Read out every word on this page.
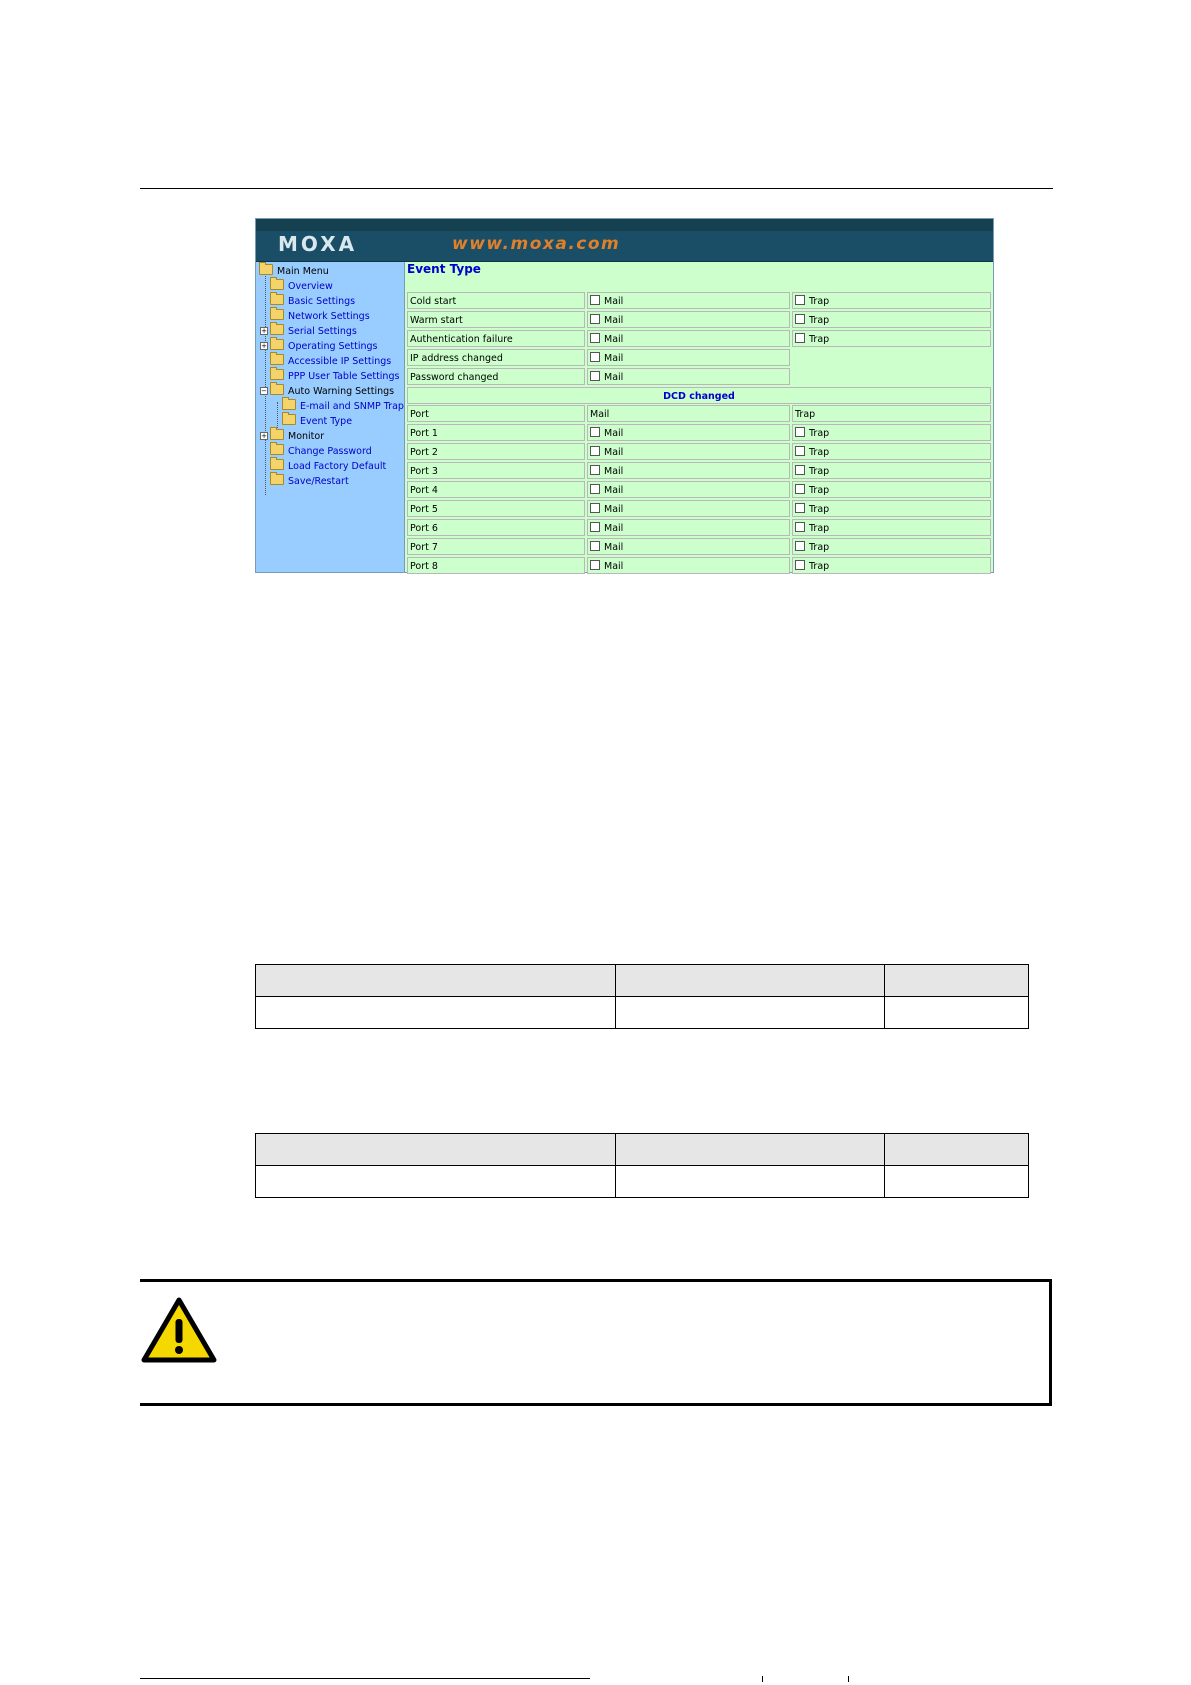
MOXA	www.moxa.com
Main Menu
Overview
Basic Settings
Network Settings
+ Serial Settings
+ Operating Settings
Accessible IP Settings
PPP User Table Settings
− Auto Warning Settings
E-mail and SNMP Trap
Event Type
+ Monitor
Change Password
Load Factory Default
Save/Restart
Event Type
Cold start	Mail	Trap
Warm start	Mail	Trap
Authentication failure	Mail	Trap
IP address changed	Mail
Password changed	Mail
DCD changed
Port	Mail	Trap
Port 1	Mail	Trap
Port 2	Mail	Trap
Port 3	Mail	Trap
Port 4	Mail	Trap
Port 5	Mail	Trap
Port 6	Mail	Trap
Port 7	Mail	Trap
Port 8	Mail	Trap
